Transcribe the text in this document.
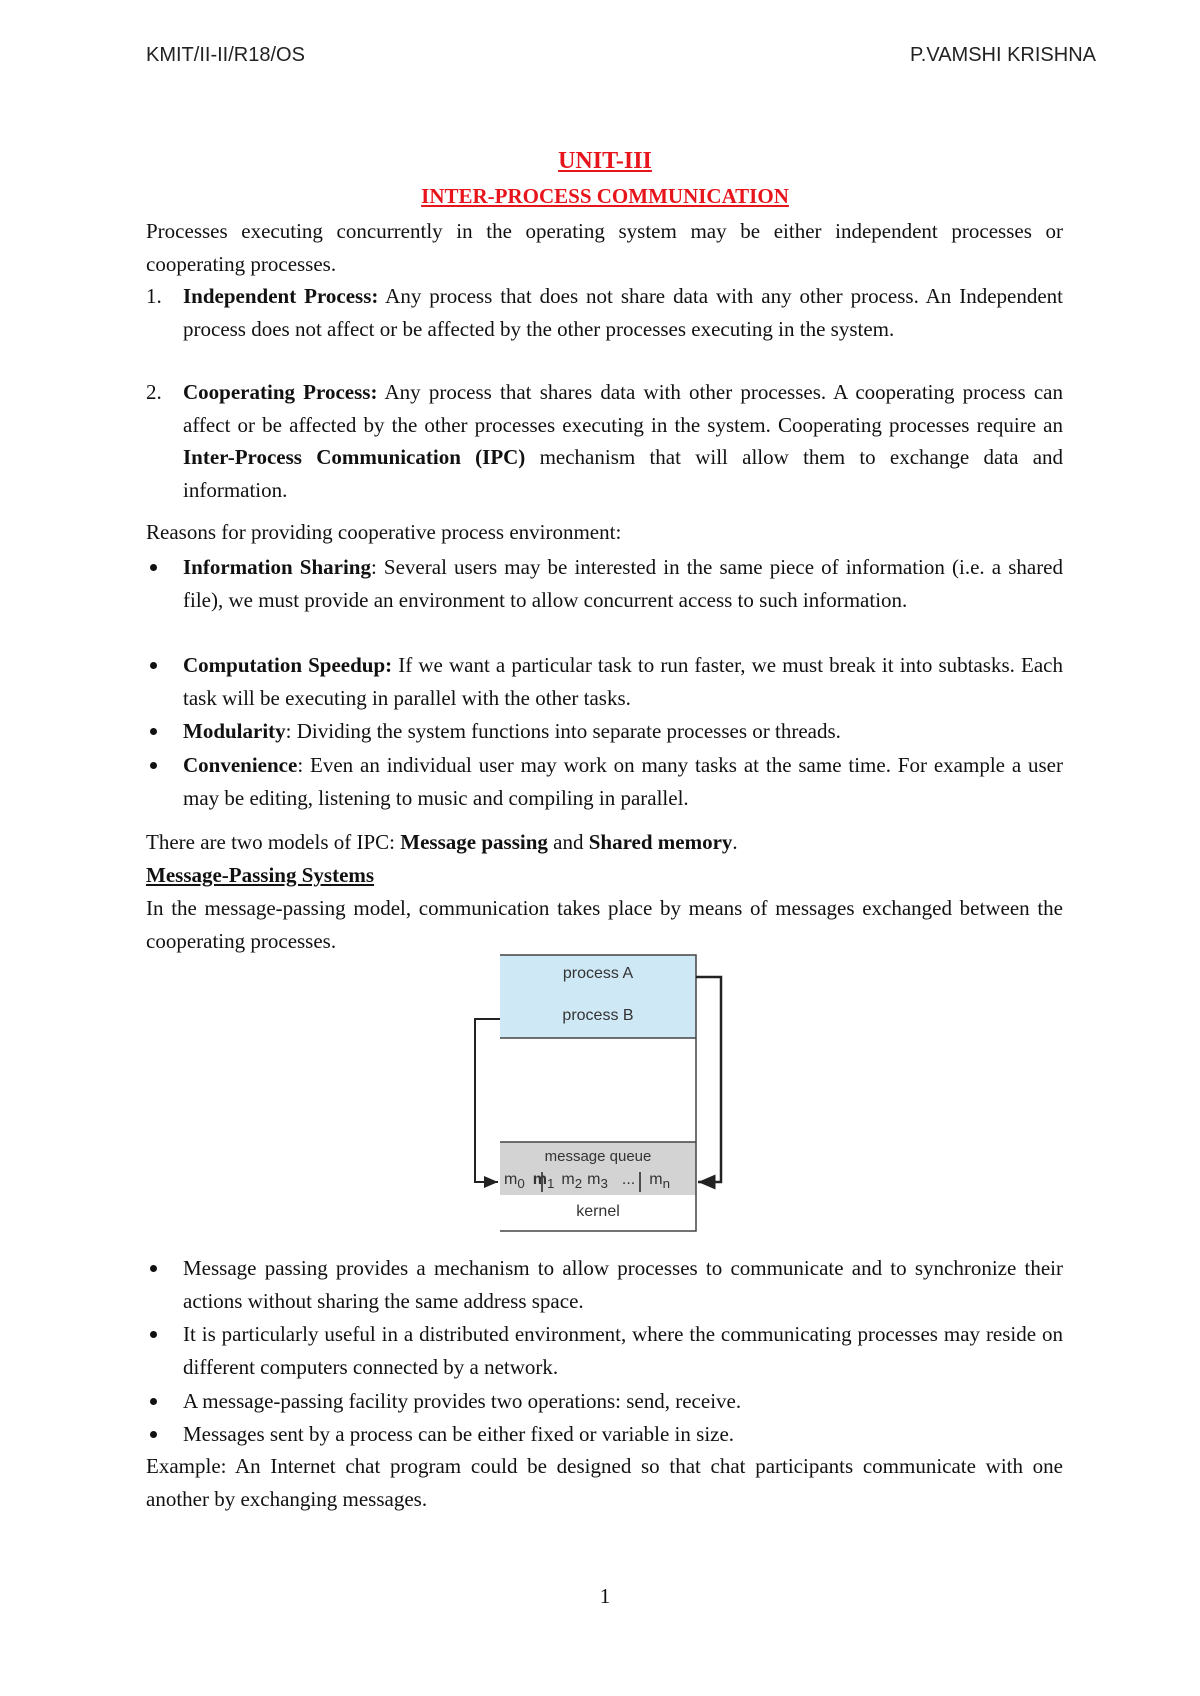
KMIT/II-II/R18/OS	P.VAMSHI KRISHNA
UNIT-III
INTER-PROCESS COMMUNICATION
Processes executing concurrently in the operating system may be either independent processes or cooperating processes.
1. Independent Process: Any process that does not share data with any other process. An Independent process does not affect or be affected by the other processes executing in the system.
2. Cooperating Process: Any process that shares data with other processes. A cooperating process can affect or be affected by the other processes executing in the system. Cooperating processes require an Inter-Process Communication (IPC) mechanism that will allow them to exchange data and information.
Reasons for providing cooperative process environment:
Information Sharing: Several users may be interested in the same piece of information (i.e. a shared file), we must provide an environment to allow concurrent access to such information.
Computation Speedup: If we want a particular task to run faster, we must break it into subtasks. Each task will be executing in parallel with the other tasks.
Modularity: Dividing the system functions into separate processes or threads.
Convenience: Even an individual user may work on many tasks at the same time. For example a user may be editing, listening to music and compiling in parallel.
There are two models of IPC: Message passing and Shared memory.
Message-Passing Systems
In the message-passing model, communication takes place by means of messages exchanged between the cooperating processes.
process A
process B
message queue
$m_0$ $m_1$ $m_2$ $m_3$ ... $m_n$
kernel
Message passing provides a mechanism to allow processes to communicate and to synchronize their actions without sharing the same address space.
It is particularly useful in a distributed environment, where the communicating processes may reside on different computers connected by a network.
A message-passing facility provides two operations: send, receive.
Messages sent by a process can be either fixed or variable in size.
Example: An Internet chat program could be designed so that chat participants communicate with one another by exchanging messages.
1
